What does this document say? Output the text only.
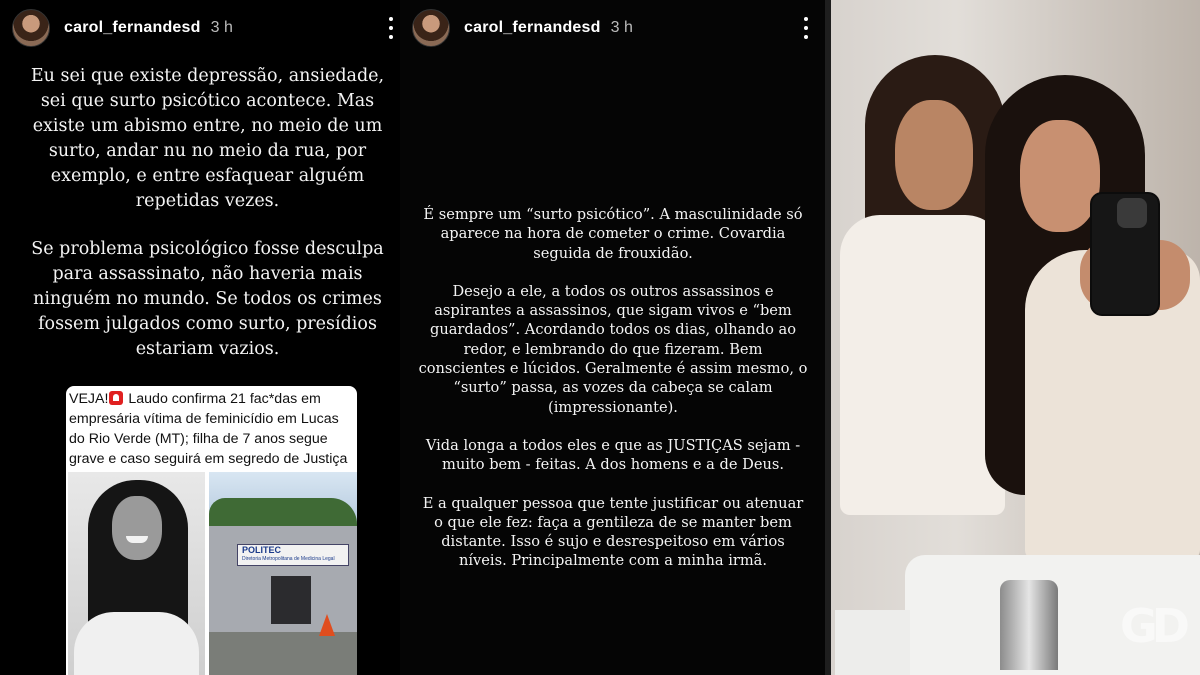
carol_fernandesd 3 h

Eu sei que existe depressão, ansiedade, sei que surto psicótico acontece. Mas existe um abismo entre, no meio de um surto, andar nu no meio da rua, por exemplo, e entre esfaquear alguém repetidas vezes.

Se problema psicológico fosse desculpa para assassinato, não haveria mais ninguém no mundo. Se todos os crimes fossem julgados como surto, presídios estariam vazios.

VEJA! Laudo confirma 21 fac*das em empresária vítima de feminicídio em Lucas do Rio Verde (MT); filha de 7 anos segue grave e caso seguirá em segredo de Justiça
POLITEC
Diretoria Metropolitana de Medicina Legal
carol_fernandesd 3 h

É sempre um “surto psicótico”. A masculinidade só aparece na hora de cometer o crime. Covardia seguida de frouxidão.

Desejo a ele, a todos os outros assassinos e aspirantes a assassinos, que sigam vivos e “bem guardados”. Acordando todos os dias, olhando ao redor, e lembrando do que fizeram. Bem conscientes e lúcidos. Geralmente é assim mesmo, o “surto” passa, as vozes da cabeça se calam (impressionante).

Vida longa a todos eles e que as JUSTIÇAS sejam - muito bem - feitas. A dos homens e a de Deus.

E a qualquer pessoa que tente justificar ou atenuar o que ele fez: faça a gentileza de se manter bem distante. Isso é sujo e desrespeitoso em vários níveis. Principalmente com a minha irmã.

GD
